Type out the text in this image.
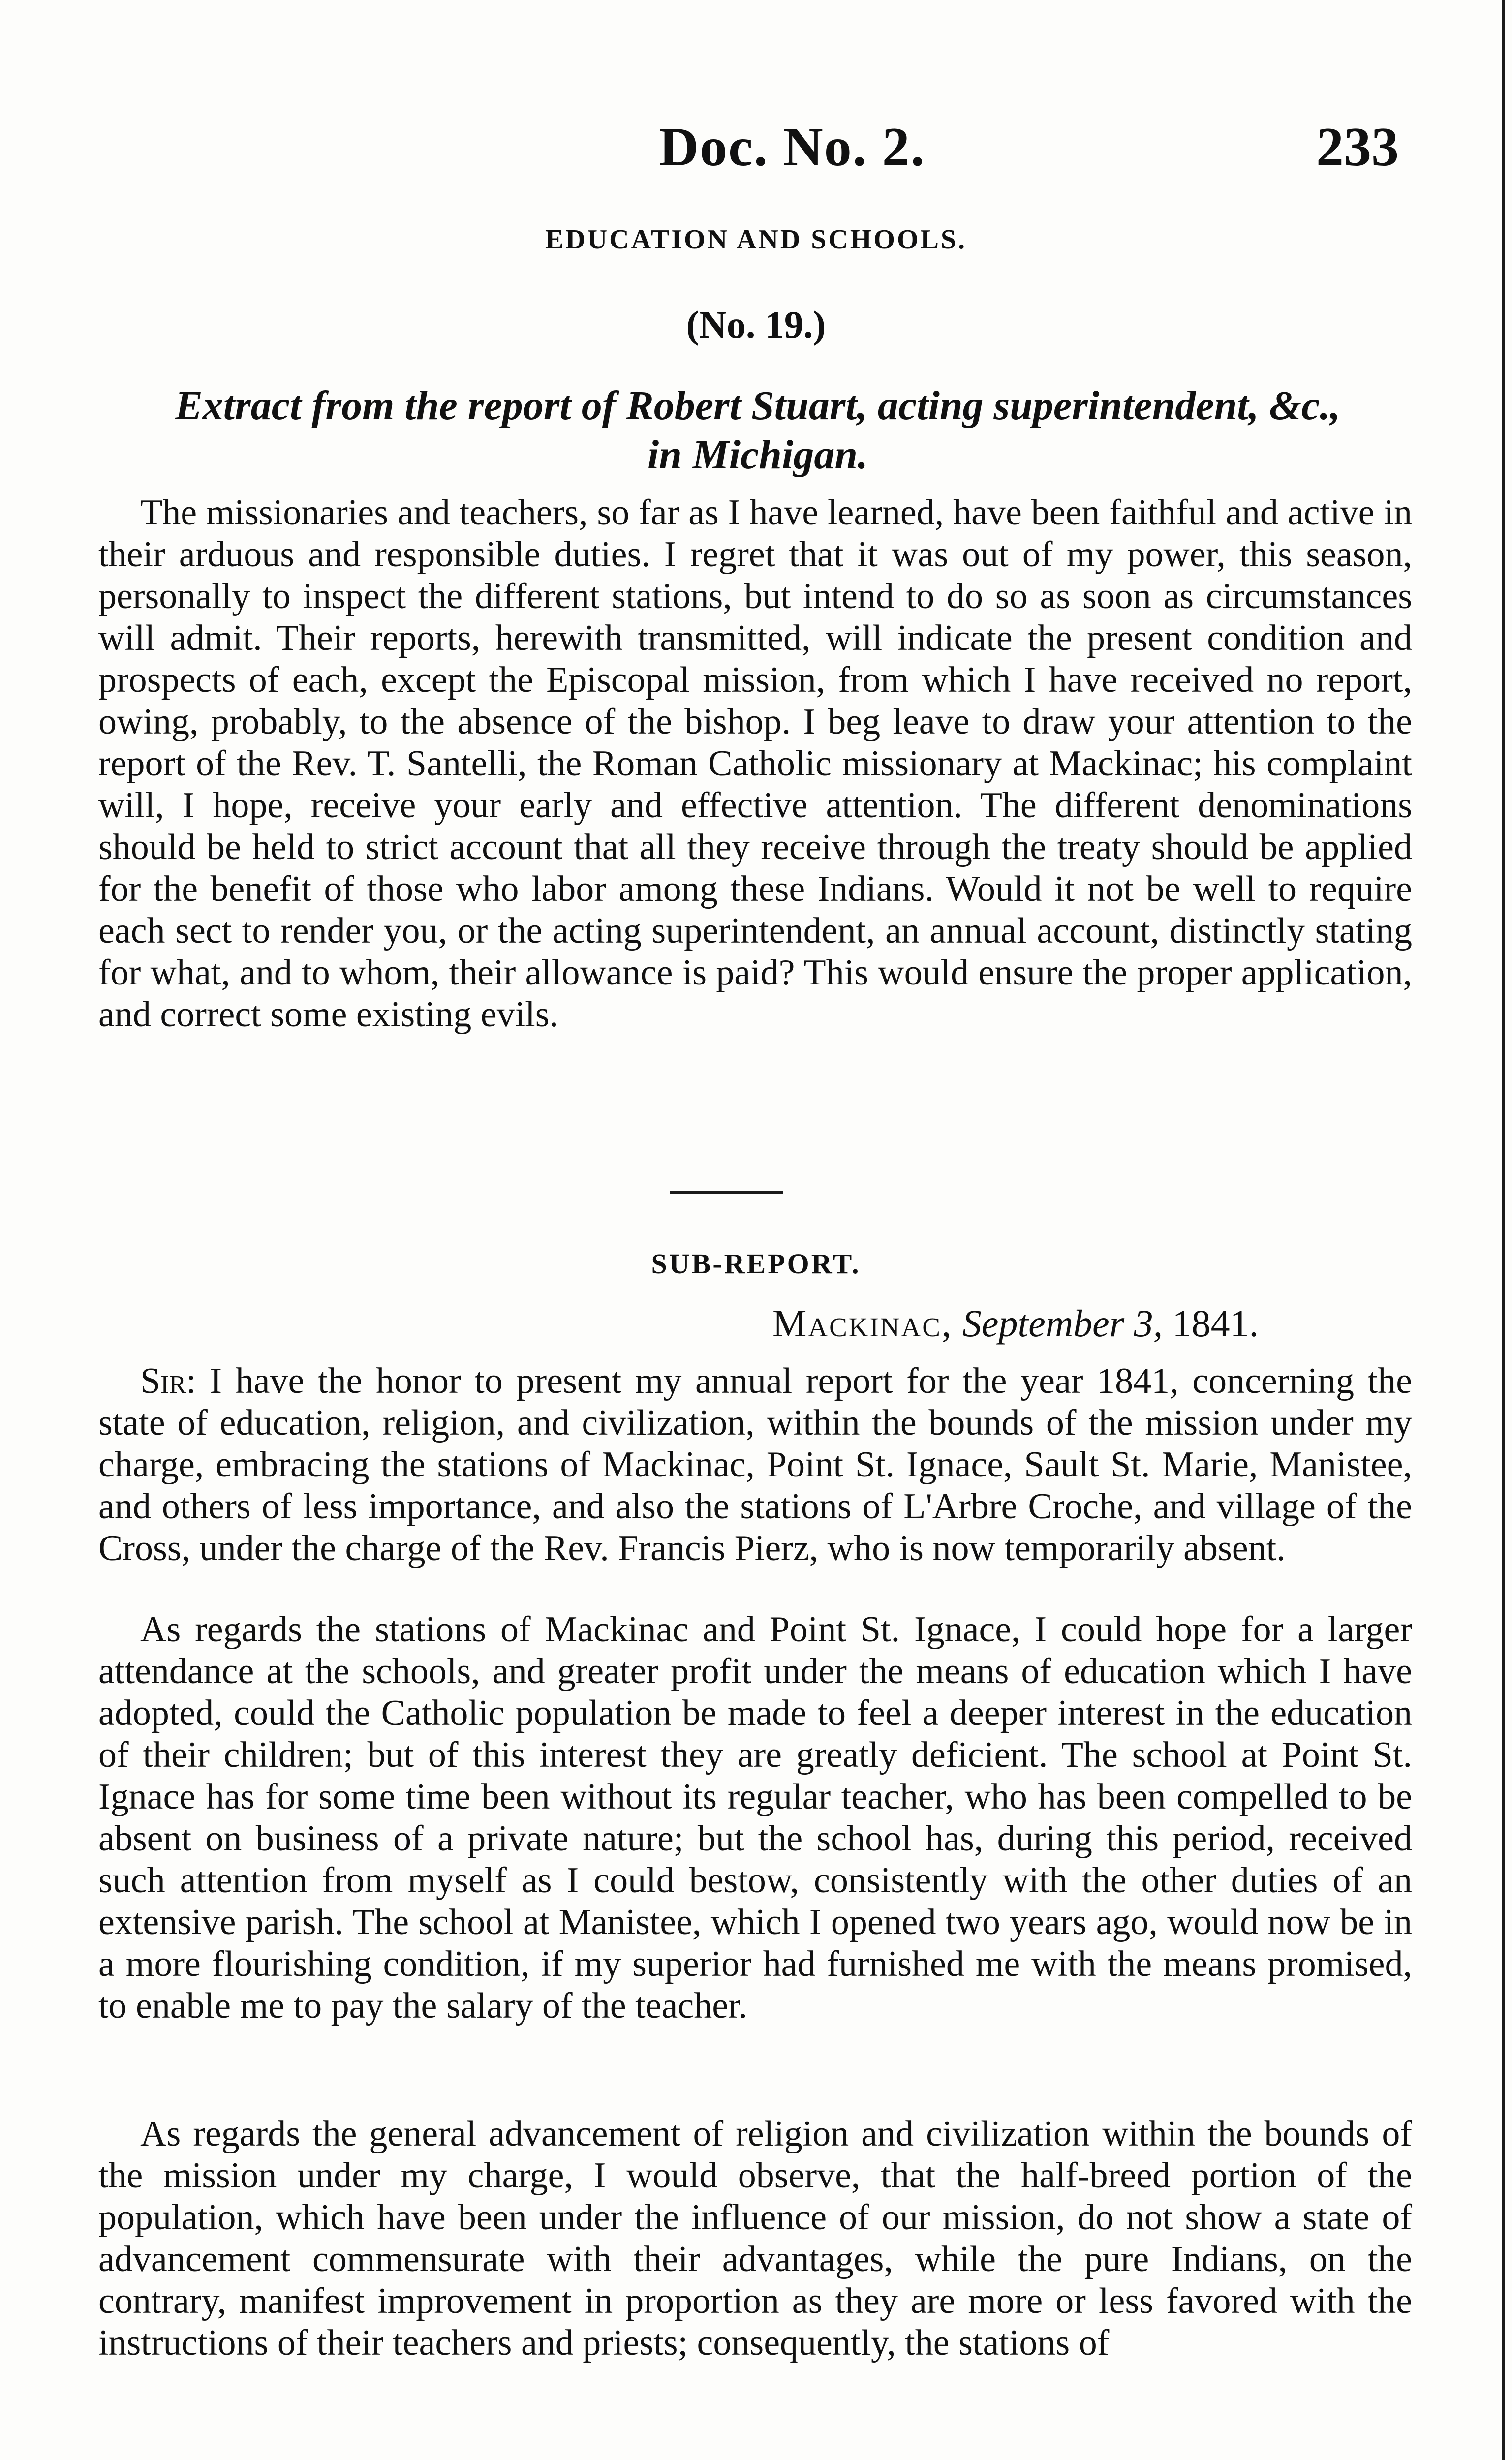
Doc. No. 2.	233
EDUCATION AND SCHOOLS.
(No. 19.)
Extract from the report of Robert Stuart, acting superintendent, &c.,
in Michigan.

The missionaries and teachers, so far as I have learned, have been faithful and active in their arduous and responsible duties. I regret that it was out of my power, this season, personally to inspect the different stations, but intend to do so as soon as circumstances will admit. Their reports, herewith transmitted, will indicate the present condition and prospects of each, except the Episcopal mission, from which I have received no report, owing, probably, to the absence of the bishop. I beg leave to draw your attention to the report of the Rev. T. Santelli, the Roman Catholic missionary at Mackinac; his complaint will, I hope, receive your early and effective attention. The different denominations should be held to strict account that all they receive through the treaty should be applied for the benefit of those who labor among these Indians. Would it not be well to require each sect to render you, or the acting superintendent, an annual account, distinctly stating for what, and to whom, their allowance is paid? This would ensure the proper application, and correct some existing evils.

SUB-REPORT.
Mackinac, September 3, 1841.

Sir: I have the honor to present my annual report for the year 1841, concerning the state of education, religion, and civilization, within the bounds of the mission under my charge, embracing the stations of Mackinac, Point St. Ignace, Sault St. Marie, Manistee, and others of less importance, and also the stations of L'Arbre Croche, and village of the Cross, under the charge of the Rev. Francis Pierz, who is now temporarily absent.

As regards the stations of Mackinac and Point St. Ignace, I could hope for a larger attendance at the schools, and greater profit under the means of education which I have adopted, could the Catholic population be made to feel a deeper interest in the education of their children; but of this interest they are greatly deficient. The school at Point St. Ignace has for some time been without its regular teacher, who has been compelled to be absent on business of a private nature; but the school has, during this period, received such attention from myself as I could bestow, consistently with the other duties of an extensive parish. The school at Manistee, which I opened two years ago, would now be in a more flourishing condition, if my superior had furnished me with the means promised, to enable me to pay the salary of the teacher.

As regards the general advancement of religion and civilization within the bounds of the mission under my charge, I would observe, that the half-breed portion of the population, which have been under the influence of our mission, do not show a state of advancement commensurate with their advantages, while the pure Indians, on the contrary, manifest improvement in proportion as they are more or less favored with the instructions of their teachers and priests; consequently, the stations of
